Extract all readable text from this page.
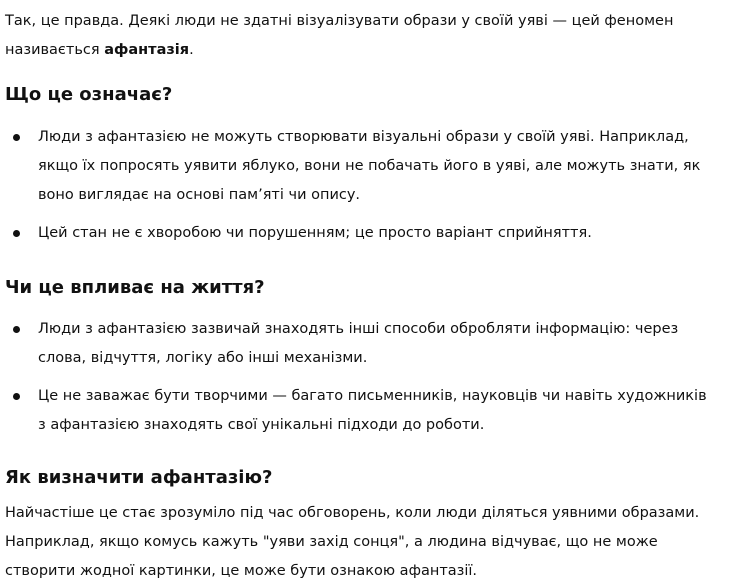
Так, це правда. Деякі люди не здатні візуалізувати образи у своїй уяві — цей феномен називається афантазія.

Що це означає?
Люди з афантазією не можуть створювати візуальні образи у своїй уяві. Наприклад, якщо їх попросять уявити яблуко, вони не побачать його в уяві, але можуть знати, як воно виглядає на основі пам’яті чи опису.
Цей стан не є хворобою чи порушенням; це просто варіант сприйняття.
Чи це впливає на життя?
Люди з афантазією зазвичай знаходять інші способи обробляти інформацію: через слова, відчуття, логіку або інші механізми.
Це не заважає бути творчими — багато письменників, науковців чи навіть художників з афантазією знаходять свої унікальні підходи до роботи.
Як визначити афантазію?

Найчастіше це стає зрозуміло під час обговорень, коли люди діляться уявними образами. Наприклад, якщо комусь кажуть "уяви захід сонця", а людина відчуває, що не може створити жодної картинки, це може бути ознакою афантазії.
